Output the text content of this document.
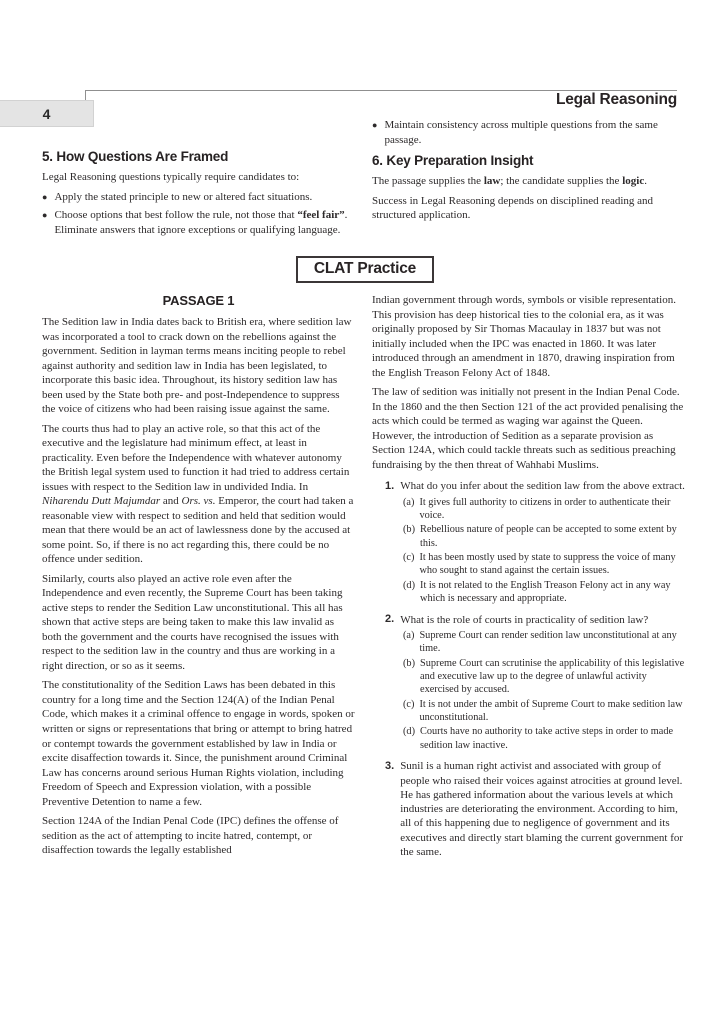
4
Legal Reasoning
5. How Questions Are Framed
Legal Reasoning questions typically require candidates to:
● Apply the stated principle to new or altered fact situations.
● Choose options that best follow the rule, not those that “feel fair”. Eliminate answers that ignore exceptions or qualifying language.
● Maintain consistency across multiple questions from the same passage.
6. Key Preparation Insight
The passage supplies the law; the candidate supplies the logic.
Success in Legal Reasoning depends on disciplined reading and structured application.
CLAT Practice
PASSAGE 1
The Sedition law in India dates back to British era, where sedition law was incorporated a tool to crack down on the rebellions against the government. Sedition in layman terms means inciting people to rebel against authority and sedition law in India has been legislated, to incorporate this basic idea. Throughout, its history sedition law has been used by the State both pre- and post-Independence to suppress the voice of citizens who had been raising issue against the same.
The courts thus had to play an active role, so that this act of the executive and the legislature had minimum effect, at least in practicality. Even before the Independence with whatever autonomy the British legal system used to function it had tried to address certain issues with respect to the Sedition law in undivided India. In Niharendu Dutt Majumdar and Ors. vs. Emperor, the court had taken a reasonable view with respect to sedition and held that sedition would mean that there would be an act of lawlessness done by the accused at some point. So, if there is no act regarding this, there could be no offence under sedition.
Similarly, courts also played an active role even after the Independence and even recently, the Supreme Court has been taking active steps to render the Sedition Law unconstitutional. This all has shown that active steps are being taken to make this law invalid as both the government and the courts have recognised the issues with respect to the sedition law in the country and thus are working in a right direction, or so as it seems.
The constitutionality of the Sedition Laws has been debated in this country for a long time and the Section 124(A) of the Indian Penal Code, which makes it a criminal offence to engage in words, spoken or written or signs or representations that bring or attempt to bring hatred or contempt towards the government established by law in India or excite disaffection towards it. Since, the punishment around Criminal Law has concerns around serious Human Rights violation, including Freedom of Speech and Expression violation, with a possible Preventive Detention to name a few.
Section 124A of the Indian Penal Code (IPC) defines the offense of sedition as the act of attempting to incite hatred, contempt, or disaffection towards the legally established
Indian government through words, symbols or visible representation. This provision has deep historical ties to the colonial era, as it was originally proposed by Sir Thomas Macaulay in 1837 but was not initially included when the IPC was enacted in 1860. It was later introduced through an amendment in 1870, drawing inspiration from the English Treason Felony Act of 1848.
The law of sedition was initially not present in the Indian Penal Code. In the 1860 and the then Section 121 of the act provided penalising the acts which could be termed as waging war against the Queen. However, the introduction of Sedition as a separate provision as Section 124A, which could tackle threats such as seditious preaching fundraising by the then threat of Wahhabi Muslims.
1. What do you infer about the sedition law from the above extract.
(a) It gives full authority to citizens in order to authenticate their voice.
(b) Rebellious nature of people can be accepted to some extent by this.
(c) It has been mostly used by state to suppress the voice of many who sought to stand against the certain issues.
(d) It is not related to the English Treason Felony act in any way which is necessary and appropriate.
2. What is the role of courts in practicality of sedition law?
(a) Supreme Court can render sedition law unconstitutional at any time.
(b) Supreme Court can scrutinise the applicability of this legislative and executive law up to the degree of unlawful activity exercised by accused.
(c) It is not under the ambit of Supreme Court to make sedition law unconstitutional.
(d) Courts have no authority to take active steps in order to made sedition law inactive.
3. Sunil is a human right activist and associated with group of people who raised their voices against atrocities at ground level. He has gathered information about the various levels at which industries are deteriorating the environment. According to him, all of this happening due to negligence of government and its executives and directly start blaming the current government for the same.
